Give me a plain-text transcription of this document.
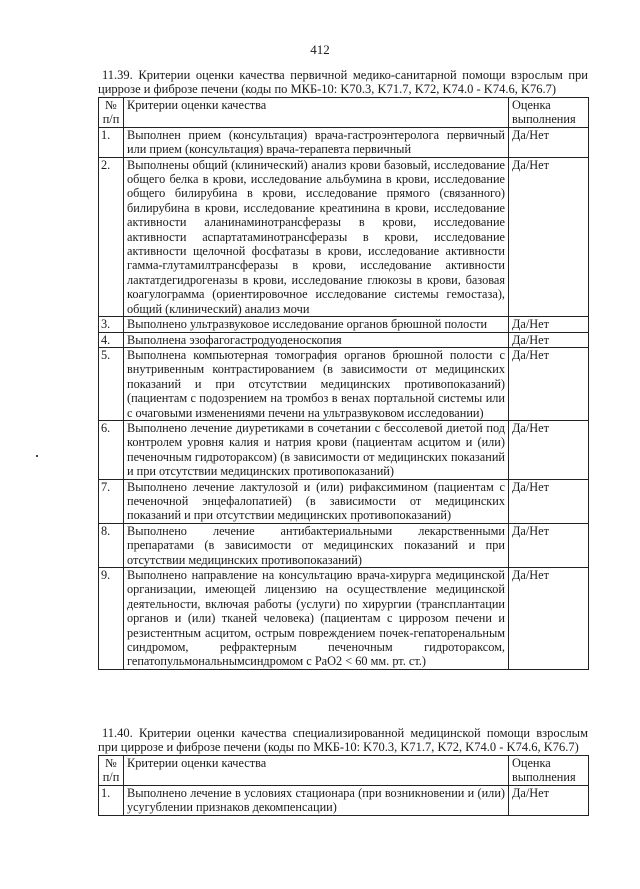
412

11.39. Критерии оценки качества первичной медико-санитарной помощи взрослым при циррозе и фиброзе печени (коды по МКБ-10: K70.3, K71.7, K72, K74.0 - K74.6, K76.7)

№ п/п	Критерии оценки качества	Оценка выполнения
1.	Выполнен прием (консультация) врача-гастроэнтеролога первичный или прием (консультация) врача-терапевта первичный	Да/Нет
2.	Выполнены общий (клинический) анализ крови базовый, исследование общего белка в крови, исследование альбумина в крови, исследование общего билирубина в крови, исследование прямого (связанного) билирубина в крови, исследование креатинина в крови, исследование активности аланинаминотрансферазы в крови, исследование активности аспартатаминотрансферазы в крови, исследование активности щелочной фосфатазы в крови, исследование активности гамма-глутамилтрансферазы в крови, исследование активности лактатдегидрогеназы в крови, исследование глюкозы в крови, базовая коагулограмма (ориентировочное исследование системы гемостаза), общий (клинический) анализ мочи	Да/Нет
3.	Выполнено ультразвуковое исследование органов брюшной полости	Да/Нет
4.	Выполнена эзофагогастродуоденоскопия	Да/Нет
5.	Выполнена компьютерная томография органов брюшной полости с внутривенным контрастированием (в зависимости от медицинских показаний и при отсутствии медицинских противопоказаний) (пациентам с подозрением на тромбоз в венах портальной системы или с очаговыми изменениями печени на ультразвуковом исследовании)	Да/Нет
6.	Выполнено лечение диуретиками в сочетании с бессолевой диетой под контролем уровня калия и натрия крови (пациентам асцитом и (или) печеночным гидротораксом) (в зависимости от медицинских показаний и при отсутствии медицинских противопоказаний)	Да/Нет
7.	Выполнено лечение лактулозой и (или) рифаксимином (пациентам с печеночной энцефалопатией) (в зависимости от медицинских показаний и при отсутствии медицинских противопоказаний)	Да/Нет
8.	Выполнено лечение антибактериальными лекарственными препаратами (в зависимости от медицинских показаний и при отсутствии медицинских противопоказаний)	Да/Нет
9.	Выполнено направление на консультацию врача-хирурга медицинской организации, имеющей лицензию на осуществление медицинской деятельности, включая работы (услуги) по хирургии (трансплантации органов и (или) тканей человека) (пациентам с циррозом печени и резистентным асцитом, острым повреждением почек-гепаторенальным синдромом, рефрактерным печеночным гидротораксом, гепатопульмональнымсиндромом с PaO2 < 60 мм. рт. ст.)	Да/Нет

11.40. Критерии оценки качества специализированной медицинской помощи взрослым при циррозе и фиброзе печени (коды по МКБ-10: K70.3, K71.7, K72, K74.0 - K74.6, K76.7)

№ п/п	Критерии оценки качества	Оценка выполнения
1.	Выполнено лечение в условиях стационара (при возникновении и (или) усугублении признаков декомпенсации)	Да/Нет
